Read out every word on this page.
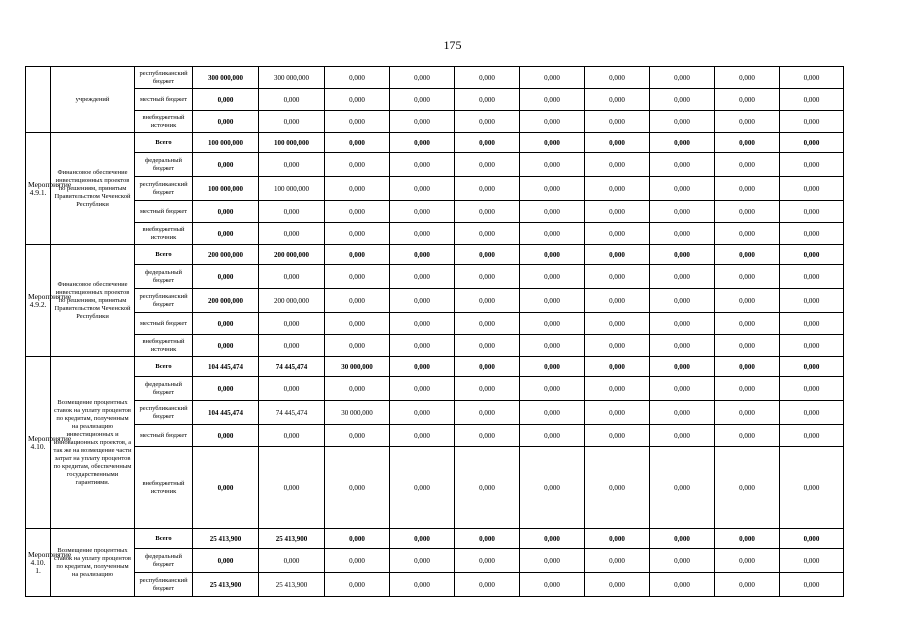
175
	учреждений	республиканский бюджет	300 000,000	300 000,000	0,000	0,000	0,000	0,000	0,000	0,000	0,000	0,000
		местный бюджет	0,000	0,000	0,000	0,000	0,000	0,000	0,000	0,000	0,000	0,000
		внебюджетный источник	0,000	0,000	0,000	0,000	0,000	0,000	0,000	0,000	0,000	0,000
Мероприятие 4.9.1.	Финансовое обеспечение инвестиционных проектов по решениям, принятым Правительством Чеченской Республики	Всего	100 000,000	100 000,000	0,000	0,000	0,000	0,000	0,000	0,000	0,000	0,000
		федеральный бюджет	0,000	0,000	0,000	0,000	0,000	0,000	0,000	0,000	0,000	0,000
		республиканский бюджет	100 000,000	100 000,000	0,000	0,000	0,000	0,000	0,000	0,000	0,000	0,000
		местный бюджет	0,000	0,000	0,000	0,000	0,000	0,000	0,000	0,000	0,000	0,000
		внебюджетный источник	0,000	0,000	0,000	0,000	0,000	0,000	0,000	0,000	0,000	0,000
Мероприятие 4.9.2.	Финансовое обеспечение инвестиционных проектов по решениям, принятым Правительством Чеченской Республики	Всего	200 000,000	200 000,000	0,000	0,000	0,000	0,000	0,000	0,000	0,000	0,000
		федеральный бюджет	0,000	0,000	0,000	0,000	0,000	0,000	0,000	0,000	0,000	0,000
		республиканский бюджет	200 000,000	200 000,000	0,000	0,000	0,000	0,000	0,000	0,000	0,000	0,000
		местный бюджет	0,000	0,000	0,000	0,000	0,000	0,000	0,000	0,000	0,000	0,000
		внебюджетный источник	0,000	0,000	0,000	0,000	0,000	0,000	0,000	0,000	0,000	0,000
Мероприятие 4.10.	Возмещение процентных ставок на уплату процентов по кредитам, полученным на реализацию инвестиционных и инновационных проектов, а так же на возмещение части затрат на уплату процентов по кредитам, обеспеченным государственными гарантиями.	Всего	104 445,474	74 445,474	30 000,000	0,000	0,000	0,000	0,000	0,000	0,000	0,000
		федеральный бюджет	0,000	0,000	0,000	0,000	0,000	0,000	0,000	0,000	0,000	0,000
		республиканский бюджет	104 445,474	74 445,474	30 000,000	0,000	0,000	0,000	0,000	0,000	0,000	0,000
		местный бюджет	0,000	0,000	0,000	0,000	0,000	0,000	0,000	0,000	0,000	0,000
		внебюджетный источник	0,000	0,000	0,000	0,000	0,000	0,000	0,000	0,000	0,000	0,000
Мероприятие 4.10. 1.	Возмещение процентных ставок на уплату процентов по кредитам, полученным на реализацию	Всего	25 413,900	25 413,900	0,000	0,000	0,000	0,000	0,000	0,000	0,000	0,000
		федеральный бюджет	0,000	0,000	0,000	0,000	0,000	0,000	0,000	0,000	0,000	0,000
		республиканский бюджет	25 413,900	25 413,900	0,000	0,000	0,000	0,000	0,000	0,000	0,000	0,000
